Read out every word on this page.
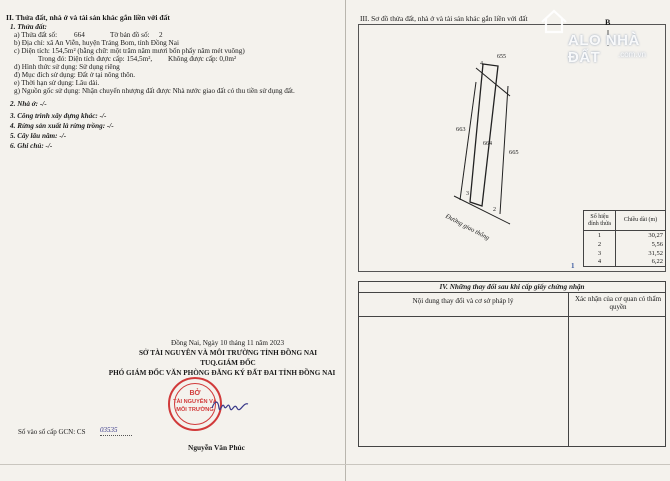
II. Thửa đất, nhà ở và tài sản khác gắn liền với đất
1. Thửa đất:
a) Thửa đất số: 664	Tờ bản đồ số: 2
b) Địa chỉ: xã An Viễn, huyện Trảng Bom, tỉnh Đồng Nai
c) Diện tích: 154,5m² (bằng chữ: một trăm năm mươi bốn phẩy năm mét vuông)
Trong đó: Diện tích được cấp: 154,5m², Không được cấp: 0,0m²
d) Hình thức sử dụng: Sử dụng riêng
đ) Mục đích sử dụng: Đất ở tại nông thôn.
e) Thời hạn sử dụng: Lâu dài.
g) Nguồn gốc sử dụng: Nhận chuyển nhượng đất được Nhà nước giao đất có thu tiền sử dụng đất.
2. Nhà ở: -/-
3. Công trình xây dựng khác: -/-
4. Rừng sản xuất là rừng trồng: -/-
5. Cây lâu năm: -/-
6. Ghi chú: -/-
Đồng Nai, Ngày 10 tháng 11 năm 2023
SỞ TÀI NGUYÊN VÀ MÔI TRƯỜNG TỈNH ĐỒNG NAI
TUQ.GIÁM ĐỐC
PHÓ GIÁM ĐỐC VĂN PHÒNG ĐĂNG KÝ ĐẤT ĐAI TỈNH ĐỒNG NAI
BỞ
TÀI NGUYÊN VÀ
MÔI TRƯỜNG
Số vào sổ cấp GCN: CS 03535
Nguyễn Văn Phúc
III. Sơ đồ thửa đất, nhà ở và tài sản khác gắn liền với đất	B
4
655
663
664
665
3
2
Đường giao thông	Số hiệu đỉnh thửa	Chiều dài (m)
1	30,27
2	5,56
3	31,52
4	6,22
1
IV. Những thay đổi sau khi cấp giấy chứng nhận
Nội dung thay đổi và cơ sở pháp lý	Xác nhận của cơ quan có thẩm quyền
ALO NHÀ ĐẤT	.com.vn
